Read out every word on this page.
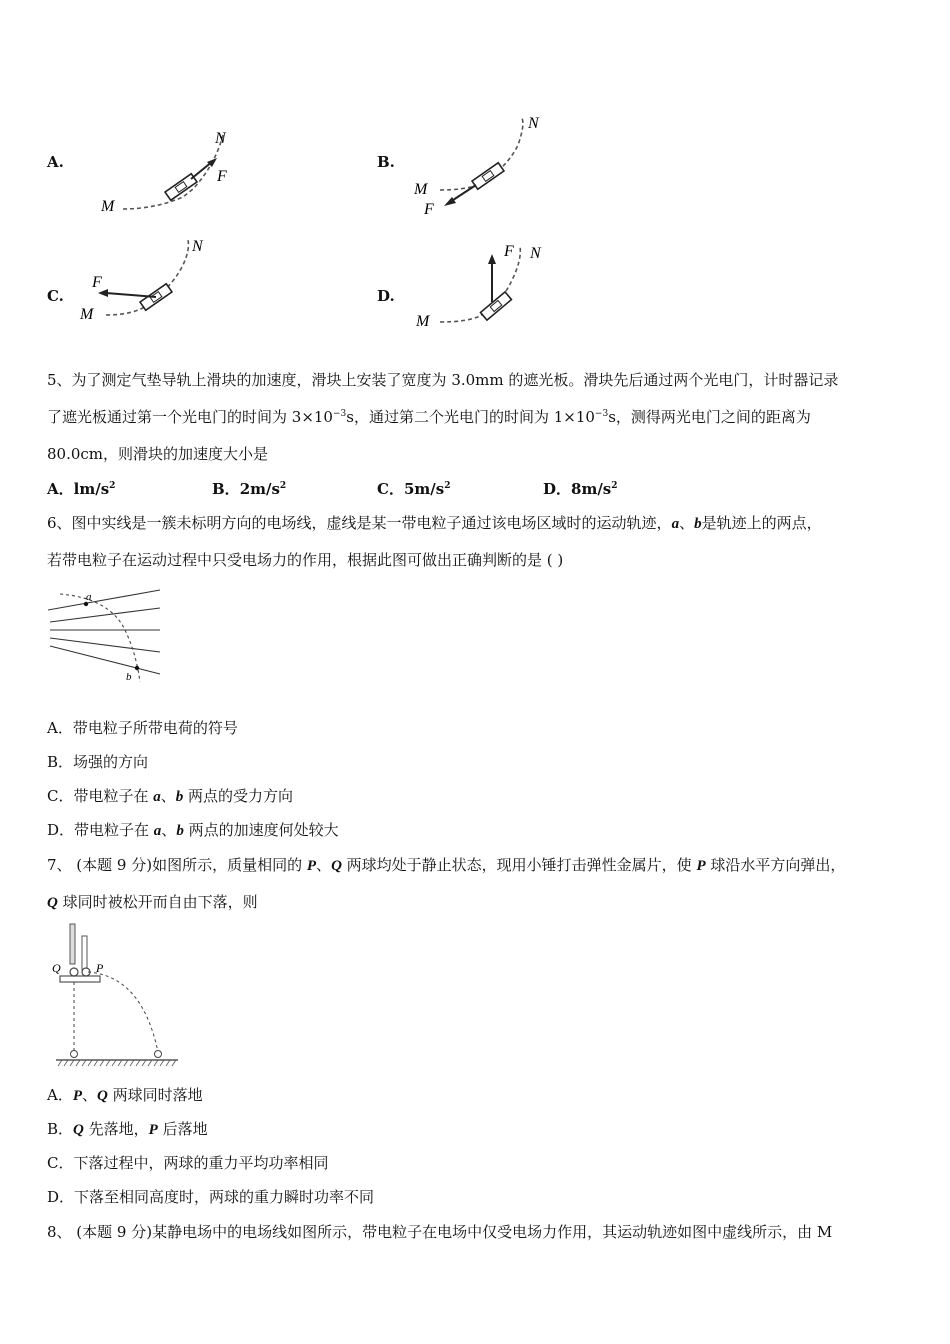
A.
M
N
F
B.
M
N
F
C.
M
N
F
D.
M
N
F
5、为了测定气垫导轨上滑块的加速度，滑块上安装了宽度为 3.0mm 的遮光板。滑块先后通过两个光电门，计时器记录
了遮光板通过第一个光电门的时间为 $3\times 10^{-3}s$，通过第二个光电门的时间为 $1\times 10^{-3}s$，测得两光电门之间的距离为
80.0cm，则滑块的加速度大小是
A．$lm/s^2$	B．$2m/s^2$	C．$5m/s^2$	D．$8m/s^2$
6、图中实线是一簇未标明方向的电场线，虚线是某一带电粒子通过该电场区域时的运动轨迹，a、b是轨迹上的两点，
若带电粒子在运动过程中只受电场力的作用，根据此图可做出正确判断的是 ( )
a
b
A．带电粒子所带电荷的符号
B．场强的方向
C．带电粒子在 a、b 两点的受力方向
D．带电粒子在 a、b 两点的加速度何处较大
7、 (本题 9 分)如图所示，质量相同的 P、Q 两球均处于静止状态，现用小锤打击弹性金属片，使 P 球沿水平方向弹出，
Q 球同时被松开而自由下落，则
Q	P
A．P、Q 两球同时落地
B．Q 先落地，P 后落地
C．下落过程中，两球的重力平均功率相同
D．下落至相同高度时，两球的重力瞬时功率不同
8、 (本题 9 分)某静电场中的电场线如图所示，带电粒子在电场中仅受电场力作用，其运动轨迹如图中虚线所示，由 M
